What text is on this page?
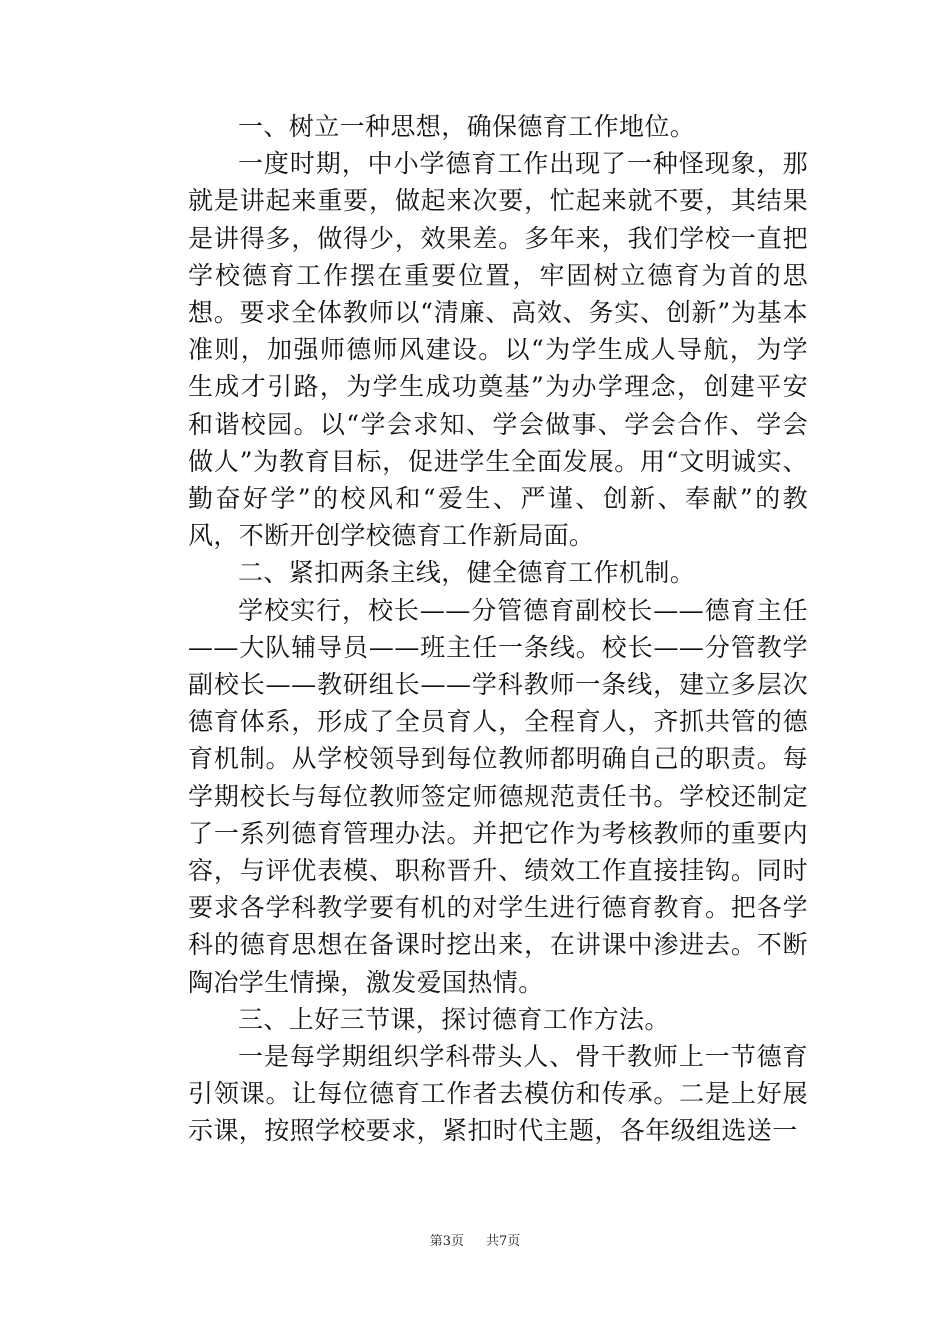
一、树立一种思想，确保德育工作地位。

一度时期，中小学德育工作出现了一种怪现象，那就是讲起来重要，做起来次要，忙起来就不要，其结果是讲得多，做得少，效果差。多年来，我们学校一直把学校德育工作摆在重要位置，牢固树立德育为首的思想。要求全体教师以“清廉、高效、务实、创新”为基本准则，加强师德师风建设。以“为学生成人导航，为学生成才引路，为学生成功奠基”为办学理念，创建平安和谐校园。以“学会求知、学会做事、学会合作、学会做人”为教育目标，促进学生全面发展。用“文明诚实、勤奋好学”的校风和“爱生、严谨、创新、奉献”的教风，不断开创学校德育工作新局面。

二、紧扣两条主线，健全德育工作机制。

学校实行，校长——分管德育副校长——德育主任——大队辅导员——班主任一条线。校长——分管教学副校长——教研组长——学科教师一条线，建立多层次德育体系，形成了全员育人，全程育人，齐抓共管的德育机制。从学校领导到每位教师都明确自己的职责。每学期校长与每位教师签定师德规范责任书。学校还制定了一系列德育管理办法。并把它作为考核教师的重要内容，与评优表模、职称晋升、绩效工作直接挂钩。同时要求各学科教学要有机的对学生进行德育教育。把各学科的德育思想在备课时挖出来，在讲课中渗进去。不断陶冶学生情操，激发爱国热情。

三、上好三节课，探讨德育工作方法。

一是每学期组织学科带头人、骨干教师上一节德育引领课。让每位德育工作者去模仿和传承。二是上好展示课，按照学校要求，紧扣时代主题，各年级组选送一

第3页 共7页
